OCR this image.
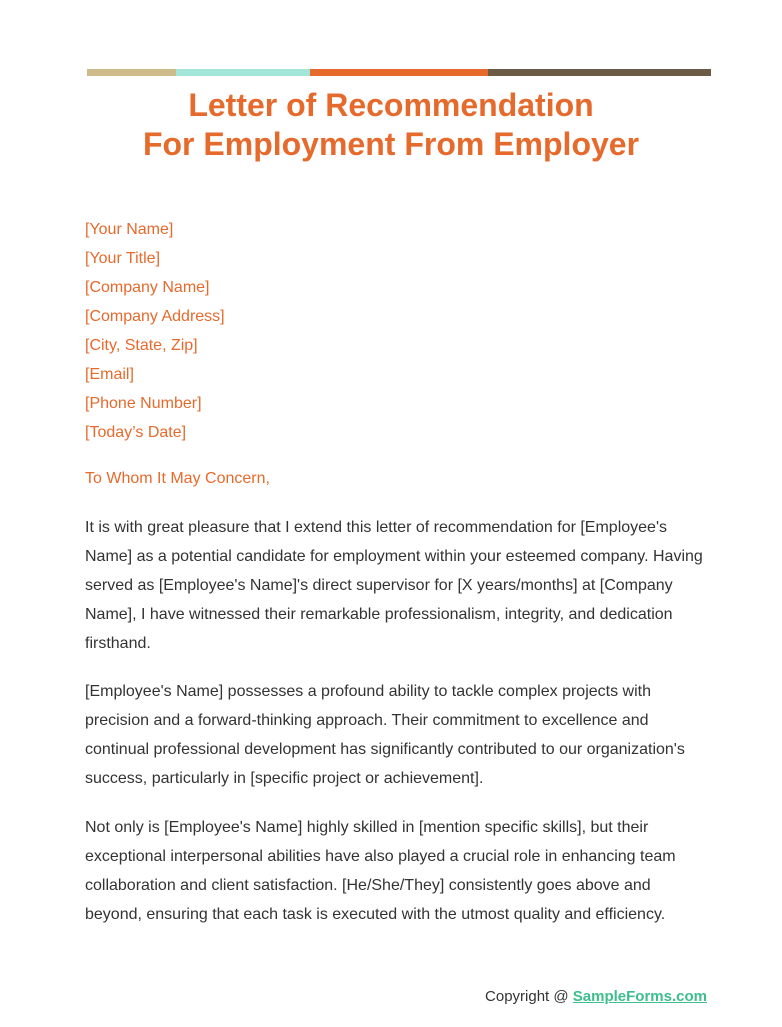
Letter of Recommendation
For Employment From Employer
[Your Name]
[Your Title]
[Company Name]
[Company Address]
[City, State, Zip]
[Email]
[Phone Number]
[Today’s Date]

To Whom It May Concern,

It is with great pleasure that I extend this letter of recommendation for [Employee's Name] as a potential candidate for employment within your esteemed company. Having served as [Employee's Name]'s direct supervisor for [X years/months] at [Company Name], I have witnessed their remarkable professionalism, integrity, and dedication firsthand.

[Employee's Name] possesses a profound ability to tackle complex projects with precision and a forward-thinking approach. Their commitment to excellence and continual professional development has significantly contributed to our organization's success, particularly in [specific project or achievement].

Not only is [Employee's Name] highly skilled in [mention specific skills], but their exceptional interpersonal abilities have also played a crucial role in enhancing team collaboration and client satisfaction. [He/She/They] consistently goes above and beyond, ensuring that each task is executed with the utmost quality and efficiency.

Copyright @ SampleForms.com
